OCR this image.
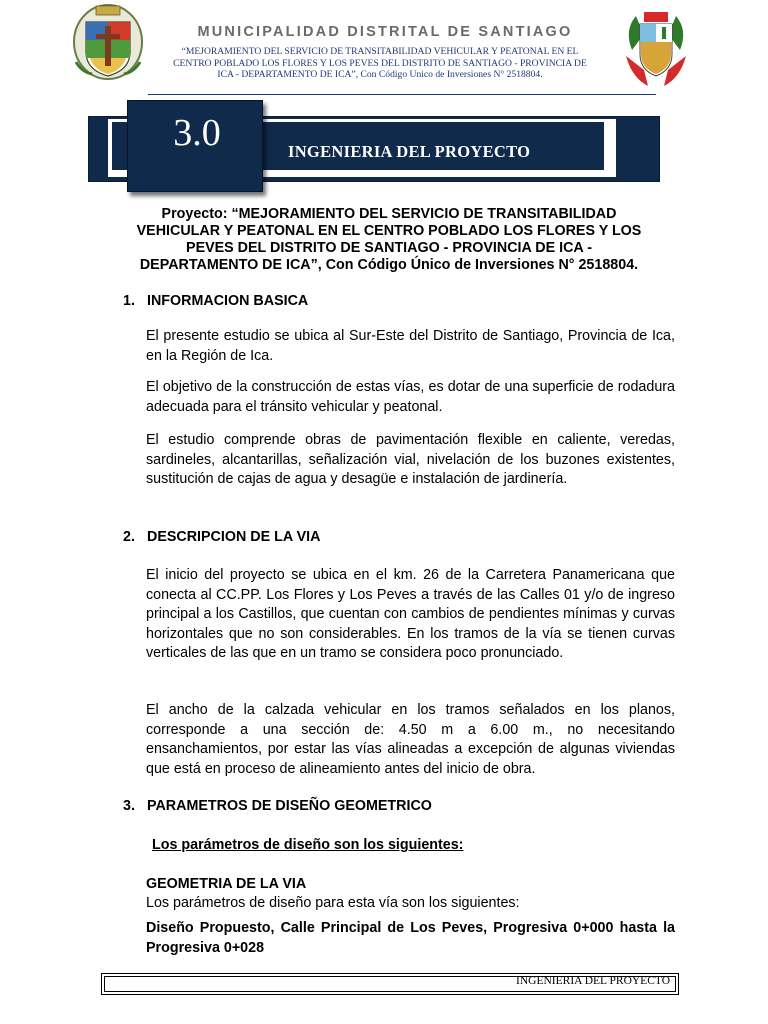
MUNICIPALIDAD DISTRITAL DE SANTIAGO
“MEJORAMIENTO DEL SERVICIO DE TRANSITABILIDAD VEHICULAR Y PEATONAL EN EL
CENTRO POBLADO LOS FLORES Y LOS PEVES DEL DISTRITO DE SANTIAGO - PROVINCIA DE
ICA - DEPARTAMENTO DE ICA”, Con Código Unico de Inversiones N° 2518804.
INGENIERIA DEL PROYECTO
3.0
Proyecto: “MEJORAMIENTO DEL SERVICIO DE TRANSITABILIDAD
VEHICULAR Y PEATONAL EN EL CENTRO POBLADO LOS FLORES Y LOS
PEVES DEL DISTRITO DE SANTIAGO - PROVINCIA DE ICA -
DEPARTAMENTO DE ICA”, Con Código Único de Inversiones N° 2518804.
1. INFORMACION BASICA
El presente estudio se ubica al Sur-Este del Distrito de Santiago, Provincia de Ica, en la Región de Ica.
El objetivo de la construcción de estas vías, es dotar de una superficie de rodadura adecuada para el tránsito vehicular y peatonal.
El estudio comprende obras de pavimentación flexible en caliente, veredas, sardineles, alcantarillas, señalización vial, nivelación de los buzones existentes, sustitución de cajas de agua y desagüe e instalación de jardinería.
2. DESCRIPCION DE LA VIA
El inicio del proyecto se ubica en el km. 26 de la Carretera Panamericana que conecta al CC.PP. Los Flores y Los Peves a través de las Calles 01 y/o de ingreso principal a los Castillos, que cuentan con cambios de pendientes mínimas y curvas horizontales que no son considerables. En los tramos de la vía se tienen curvas verticales de las que en un tramo se considera poco pronunciado.
El ancho de la calzada vehicular en los tramos señalados en los planos, corresponde a una sección de: 4.50 m a 6.00 m., no necesitando ensanchamientos, por estar las vías alineadas a excepción de algunas viviendas que está en proceso de alineamiento antes del inicio de obra.
3. PARAMETROS DE DISEÑO GEOMETRICO
Los parámetros de diseño son los siguientes:
GEOMETRIA DE LA VIA
Los parámetros de diseño para esta vía son los siguientes:
Diseño Propuesto, Calle Principal de Los Peves, Progresiva 0+000 hasta la Progresiva 0+028
INGENIERIA DEL PROYECTO
